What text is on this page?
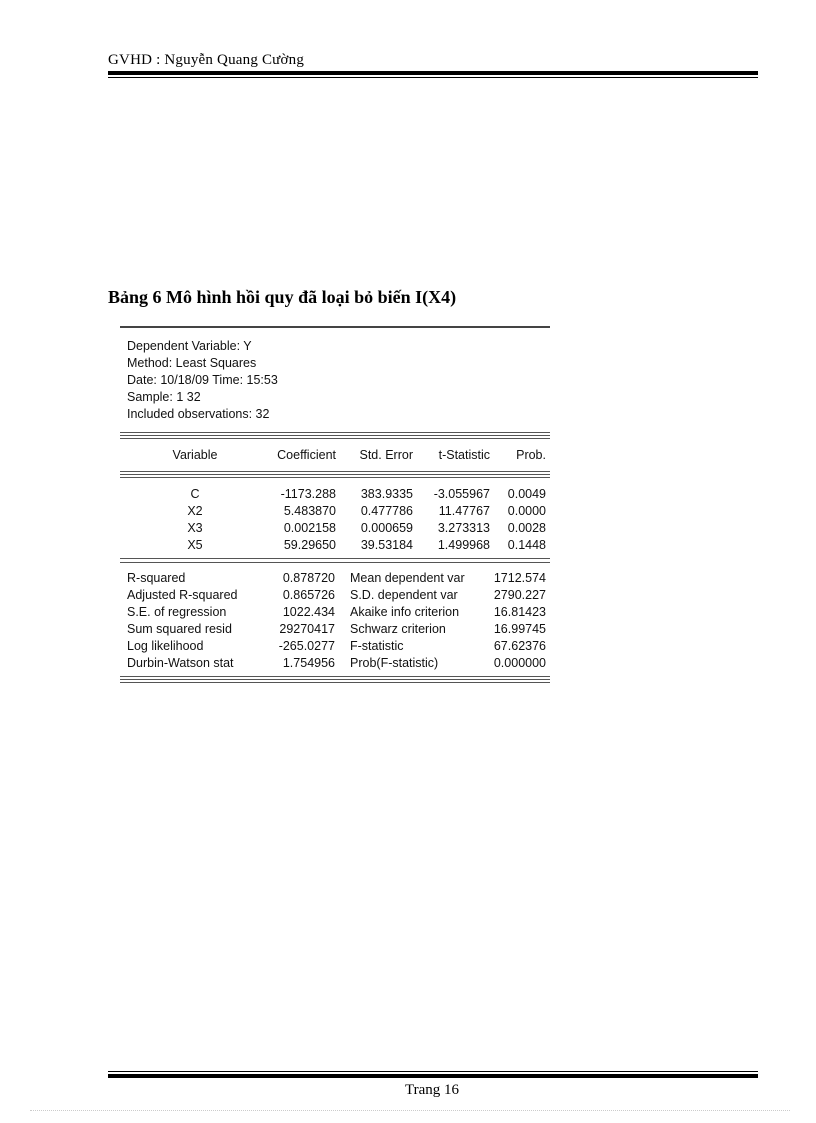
GVHD : Nguyễn Quang Cường
Bảng 6 Mô hình hồi quy đã loại bỏ biến I(X4)
Dependent Variable: Y
Method: Least Squares
Date: 10/18/09 Time: 15:53
Sample: 1 32
Included observations: 32
Variable	Coefficient	Std. Error	t-Statistic	Prob.
C	-1173.288	383.9335	-3.055967	0.0049
X2	5.483870	0.477786	11.47767	0.0000
X3	0.002158	0.000659	3.273313	0.0028
X5	59.29650	39.53184	1.499968	0.1448
R-squared	0.878720	Mean dependent var	1712.574
Adjusted R-squared	0.865726	S.D. dependent var	2790.227
S.E. of regression	1022.434	Akaike info criterion	16.81423
Sum squared resid	29270417	Schwarz criterion	16.99745
Log likelihood	-265.0277	F-statistic	67.62376
Durbin-Watson stat	1.754956	Prob(F-statistic)	0.000000
Trang 16
